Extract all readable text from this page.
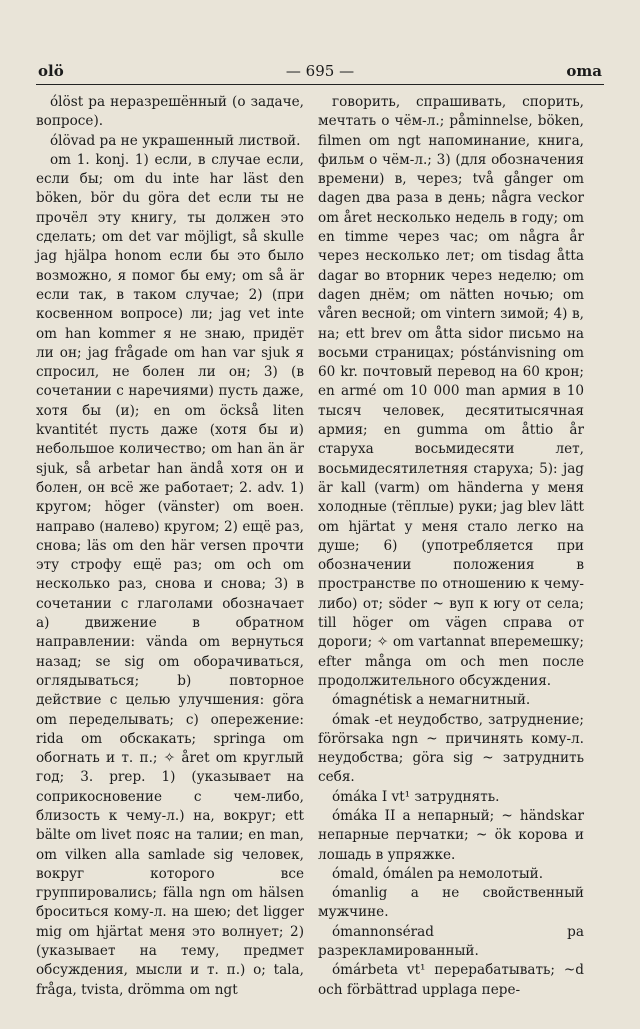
olö	— 695 —	oma

ólöst pa неразрешённый (о задаче, вопросе).

ólövad pa не украшенный листвой.

om 1. konj. 1) если, в случае если, если бы; om du inte har läst den böken, bör du göra det если ты не прочёл эту книгу, ты должен это сделать; om det var möjligt, så skulle jag hjälpa honom если бы это было возможно, я помог бы ему; om så är если так, в таком случае; 2) (при косвенном вопросе) ли; jag vet inte om han kommer я не знаю, придёт ли он; jag frågade om han var sjuk я спросил, не болен ли он; 3) (в сочетании с наречиями) пусть даже, хотя бы (и); en om öckså liten kvantitét пусть даже (хотя бы и) небольшое количество; om han än är sjuk, så arbetar han ändå хотя он и болен, он всё же работает; 2. adv. 1) кругом; höger (vänster) om воен. направо (налево) кругом; 2) ещё раз, снова; läs om den här versen прочти эту строфу ещё раз; om och om несколько раз, снова и снова; 3) в сочетании с глаголами обозначает a) движение в обратном направлении: vända om вернуться назад; se sig om оборачиваться, оглядываться; b) повторное действие с целью улучшения: göra om переделывать; c) опережение: rida om обскакать; springa om обогнать и т. п.; ✧ året om круглый год; 3. prep. 1) (указывает на соприкосновение с чем-либо, близость к чему-л.) на, вокруг; ett bälte om livet пояс на талии; en man, om vilken alla samlade sig человек, вокруг которого все группировались; fälla ngn om hälsen броситься кому-л. на шею; det ligger mig om hjärtat меня это волнует; 2) (указывает на тему, предмет обсуждения, мысли и т. п.) о; tala, fråga, tvista, drömma om ngt

говорить, спрашивать, спорить, мечтать о чём-л.; påminnelse, böken, filmen om ngt напоминание, книга, фильм о чём-л.; 3) (для обозначения времени) в, через; två gånger om dagen два раза в день; några veckor om året несколько недель в году; om en timme через час; om några år через несколько лет; om tisdag åtta dagar во вторник через неделю; om dagen днём; om nätten ночью; om våren весной; om vintern зимой; 4) в, на; ett brev om åtta sidor письмо на восьми страницах; póstánvisning om 60 kr. почтовый перевод на 60 крон; en armé om 10 000 man армия в 10 тысяч человек, десятитысячная армия; en gumma om åttio år старуха восьмидесяти лет, восьмидесятилетняя старуха; 5): jag är kall (varm) om händerna у меня холодные (тёплые) руки; jag blev lätt om hjärtat у меня стало легко на душе; 6) (употребляется при обозначении положения в пространстве по отношению к чему-либо) от; söder ~ вуп к югу от села; till höger om vägen справа от дороги; ✧ om vartannat вперемешку; efter många om och men после продолжительного обсуждения.

ómagnétisk a немагнитный.

ómak -et неудобство, затруднение; förörsaka ngn ~ причинять кому-л. неудобства; göra sig ~ затруднить себя.

ómáka I vt¹ затруднять.

ómáka II a непарный; ~ händskar непарные перчатки; ~ ök корова и лошадь в упряжке.

ómald, ómálen pa немолотый.

ómanlig a не свойственный мужчине.

ómannonsérad pa разрекламированный.

ómárbeta vt¹ перерабатывать; ~d och förbättrad upplaga пере-
